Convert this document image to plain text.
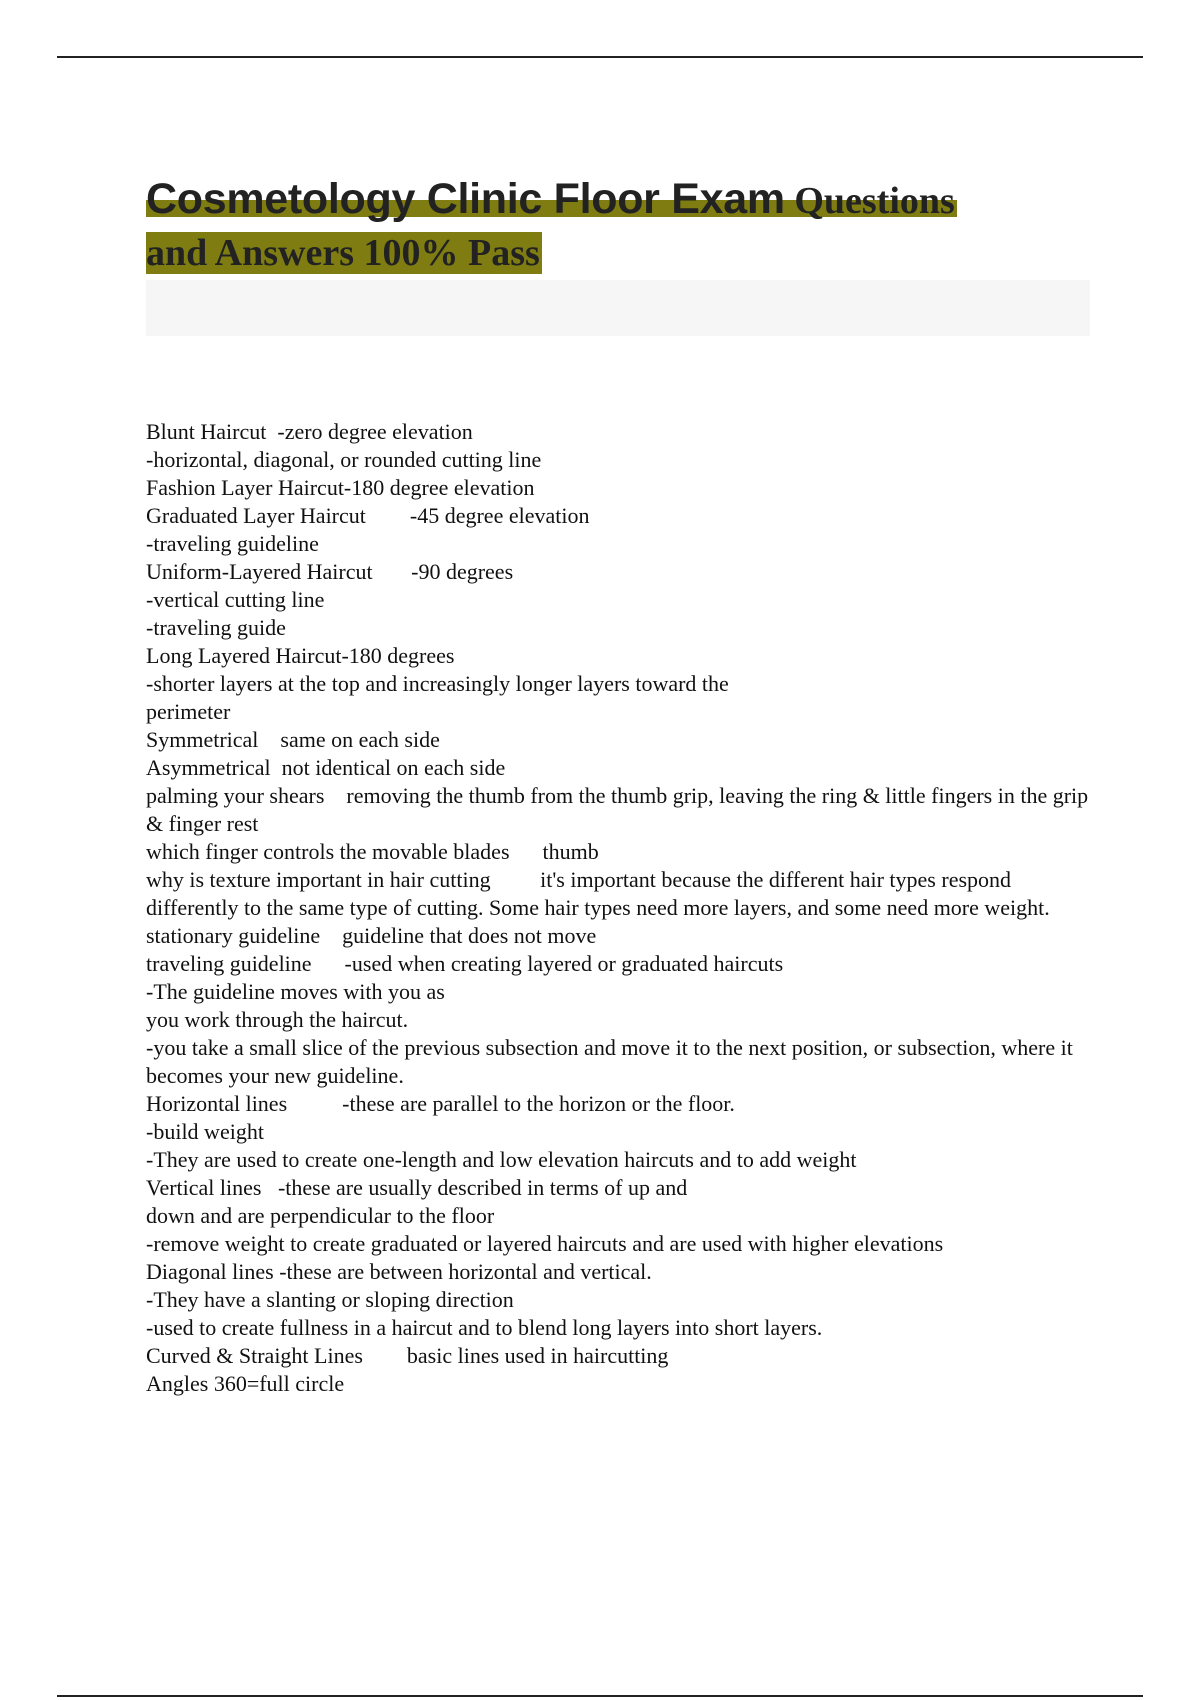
Cosmetology Clinic Floor Exam Questions
and Answers 100% Pass
Blunt Haircut  -zero degree elevation
-horizontal, diagonal, or rounded cutting line
Fashion Layer Haircut-180 degree elevation
Graduated Layer Haircut        -45 degree elevation
-traveling guideline
Uniform-Layered Haircut       -90 degrees
-vertical cutting line
-traveling guide
Long Layered Haircut-180 degrees
-shorter layers at the top and increasingly longer layers toward the
perimeter
Symmetrical    same on each side
Asymmetrical  not identical on each side
palming your shears    removing the thumb from the thumb grip, leaving the ring & little fingers in the grip & finger rest
which finger controls the movable blades      thumb
why is texture important in hair cutting         it's important because the different hair types respond differently to the same type of cutting. Some hair types need more layers, and some need more weight.
stationary guideline    guideline that does not move
traveling guideline      -used when creating layered or graduated haircuts
-The guideline moves with you as
you work through the haircut.
-you take a small slice of the previous subsection and move it to the next position, or subsection, where it becomes your new guideline.
Horizontal lines          -these are parallel to the horizon or the floor.
-build weight
-They are used to create one-length and low elevation haircuts and to add weight
Vertical lines   -these are usually described in terms of up and
down and are perpendicular to the floor
-remove weight to create graduated or layered haircuts and are used with higher elevations
Diagonal lines -these are between horizontal and vertical.
-They have a slanting or sloping direction
-used to create fullness in a haircut and to blend long layers into short layers.
Curved & Straight Lines        basic lines used in haircutting
Angles 360=full circle
